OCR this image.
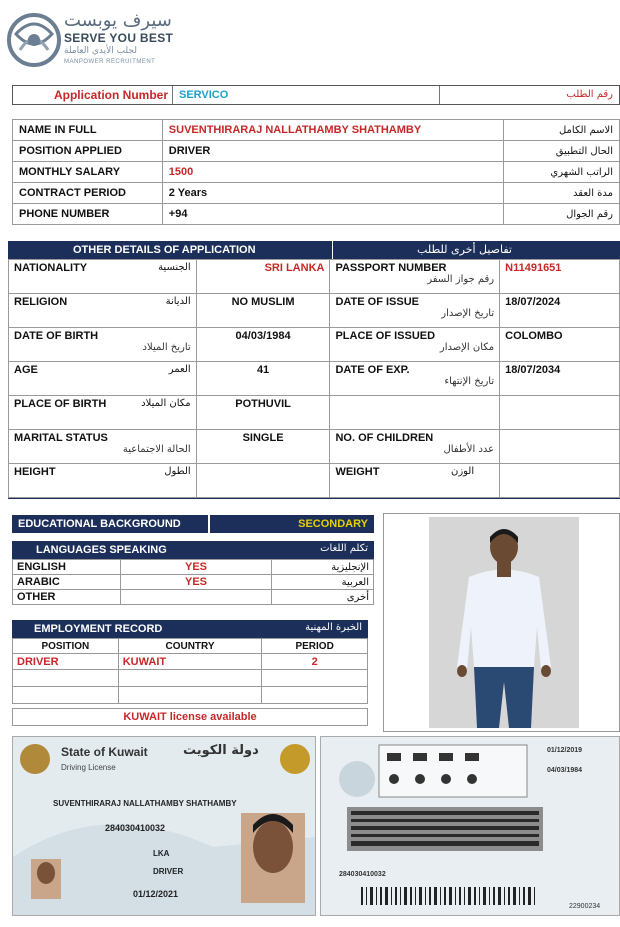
سيرف يوبست
SERVE YOU BEST
لجلب الأيدي العاملة
MANPOWER RECRUITMENT
Application Number	SERVICO	رقم الطلب
NAME IN FULL	SUVENTHIRARAJ NALLATHAMBY SHATHAMBY	الاسم الكامل
POSITION APPLIED	DRIVER	الحال التطبيق
MONTHLY SALARY	1500	الراتب الشهري
CONTRACT PERIOD	2 Years	مدة العقد
PHONE NUMBER	+94	رقم الجوال
OTHER DETAILS OF APPLICATION	تفاصيل أخرى للطلب
NATIONALITY الجنسية	SRI LANKA	PASSPORT NUMBER
رقم جواز السفر	N11491651
RELIGION الديانة	NO MUSLIM	DATE OF ISSUE
تاريخ الإصدار	18/07/2024
DATE OF BIRTH
تاريخ الميلاد	04/03/1984	PLACE OF ISSUED
مكان الإصدار	COLOMBO
AGE العمر	41	DATE OF EXP.
تاريخ الإنتهاء	18/07/2034
PLACE OF BIRTH مكان الميلاد	POTHUVIL	

MARITAL STATUS
الحالة الاجتماعية	SINGLE	NO. OF CHILDREN
عدد الأطفال	

HEIGHT الطول		WEIGHT الوزن	

EDUCATIONAL BACKGROUND	SECONDARY
LANGUAGES SPEAKING	تكلم اللغات
ENGLISH	YES	الإنجليزية
ARABIC	YES	العربية
OTHER		أخرى
EMPLOYMENT RECORD	الخبرة المهنية
POSITION	COUNTRY	PERIOD
DRIVER	KUWAIT	2

KUWAIT license available
State of Kuwait	دولة الكويت
Driving License
SUVENTHIRARAJ NALLATHAMBY SHATHAMBY
284030410032
LKA
DRIVER
01/12/2021
01/12/2019
04/03/1984
284030410032
22900234
